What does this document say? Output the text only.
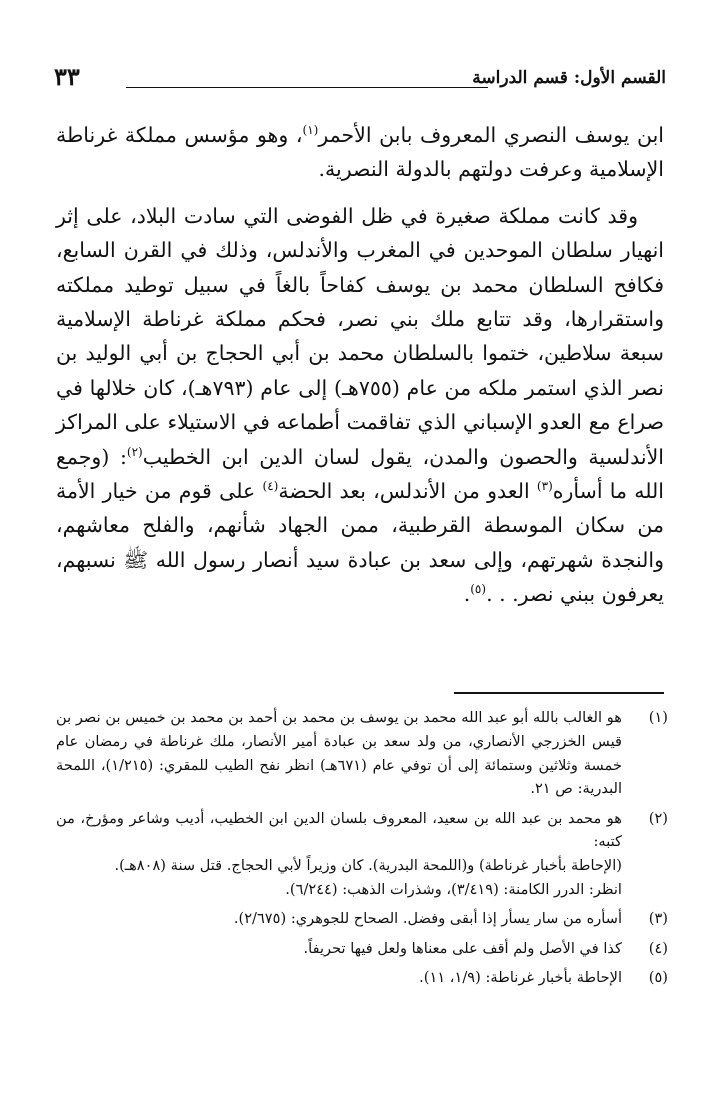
القسم الأول: قسم الدراسة
٣٣

ابن يوسف النصري المعروف بابن الأحمر$^{(١)}$، وهو مؤسس مملكة غرناطة الإسلامية وعرفت دولتهم بالدولة النصرية.

وقد كانت مملكة صغيرة في ظل الفوضى التي سادت البلاد، على إثر انهيار سلطان الموحدين في المغرب والأندلس، وذلك في القرن السابع، فكافح السلطان محمد بن يوسف كفاحاً بالغاً في سبيل توطيد مملكته واستقرارها، وقد تتابع ملك بني نصر، فحكم مملكة غرناطة الإسلامية سبعة سلاطين، ختموا بالسلطان محمد بن أبي الحجاج بن أبي الوليد بن نصر الذي استمر ملكه من عام (٧٥٥هـ) إلى عام (٧٩٣هـ)، كان خلالها في صراع مع العدو الإسباني الذي تفاقمت أطماعه في الاستيلاء على المراكز الأندلسية والحصون والمدن، يقول لسان الدين ابن الخطيب$^{(٢)}$: (وجمع الله ما أسأره$^{(٣)}$ العدو من الأندلس، بعد الحضة$^{(٤)}$ على قوم من خيار الأمة من سكان الموسطة القرطبية، ممن الجهاد شأنهم، والفلح معاشهم، والنجدة شهرتهم، وإلى سعد بن عبادة سيد أنصار رسول الله ﷺ نسبهم، يعرفون ببني نصر. . .$^{(٥)}$.

(١)
هو الغالب بالله أبو عبد الله محمد بن يوسف بن محمد بن أحمد بن محمد بن خميس بن نصر بن قيس الخزرجي الأنصاري، من ولد سعد بن عبادة أمير الأنصار، ملك غرناطة في رمضان عام خمسة وثلاثين وستمائة إلى أن توفي عام (٦٧١هـ) انظر نفح الطيب للمقري: (١/٢١٥)، اللمحة البدرية: ص ٢١.
(٢)
هو محمد بن عبد الله بن سعيد، المعروف بلسان الدين ابن الخطيب، أديب وشاعر ومؤرخ، من كتبه:
(الإحاطة بأخبار غرناطة) و(اللمحة البدرية). كان وزيراً لأبي الحجاج. قتل سنة (٨٠٨هـ).
انظر: الدرر الكامنة: (٣/٤١٩)، وشذرات الذهب: (٦/٢٤٤).
(٣)
أسأره من سار يسأر إذا أبقى وفضل. الصحاح للجوهري: (٢/٦٧٥).
(٤)
كذا في الأصل ولم أقف على معناها ولعل فيها تحريفاً.
(٥)
الإحاطة بأخبار غرناطة: (١/٩، ١١).
